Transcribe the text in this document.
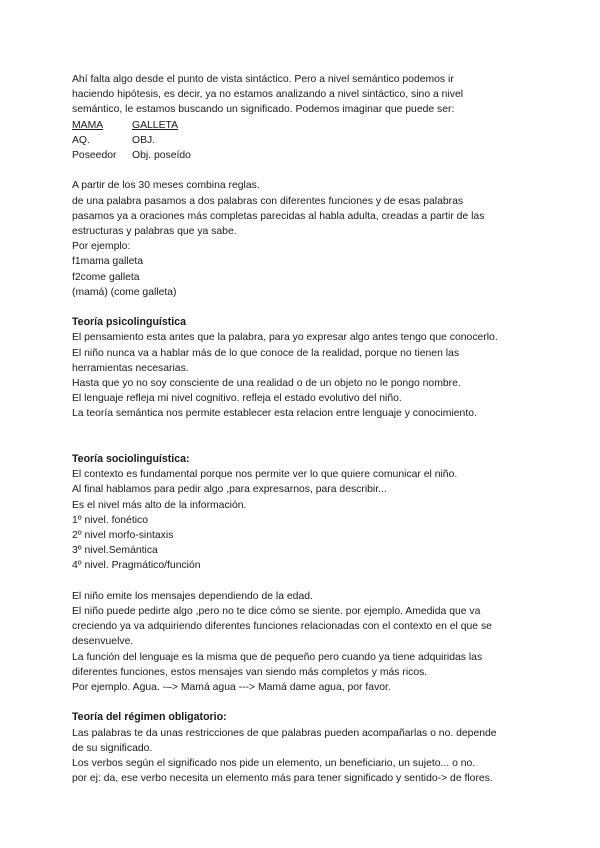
Ahí falta algo desde el punto de vista sintáctico. Pero a nivel semántico podemos ir
haciendo hipótesis, es decir, ya no estamos analizando a nivel sintáctico, sino a nivel
semántico, le estamos buscando un significado. Podemos imaginar que puede ser:
MAMA	GALLETA
AQ.	OBJ.
Poseedor	Obj. poseído
A partir de los 30 meses combina reglas.
de una palabra pasamos a dos palabras con diferentes funciones y de esas palabras
pasamos ya a oraciones más completas parecidas al habla adulta, creadas a partir de las
estructuras y palabras que ya sabe.
Por ejemplo:
f1mama galleta
f2come galleta
(mamá) (come galleta)
Teoría psicolinguística
El pensamiento esta antes que la palabra, para yo expresar algo antes tengo que conocerlo.
El niño nunca va a hablar más de lo que conoce de la realidad, porque no tienen las
herramientas necesarias.
Hasta que yo no soy consciente de una realidad o de un objeto no le pongo nombre.
El lenguaje refleja mi nivel cognitivo. refleja el estado evolutivo del niño.
La teoría semántica nos permite establecer esta relacion entre lenguaje y conocimiento.
Teoría sociolinguística:
El contexto es fundamental porque nos permite ver lo que quiere comunicar el niño.
Al final hablamos para pedir algo ,para expresarnos, para describir...
Es el nivel más alto de la información.
1º nivel. fonético
2º nivel morfo-sintaxis
3º nivel.Semántica
4º nivel. Pragmático/función
El niño emite los mensajes dependiendo de la edad.
El niño puede pedirte algo ,pero no te dice cómo se siente. por ejemplo. Amedida que va
creciendo ya va adquiriendo diferentes funciones relacionadas con el contexto en el que se
desenvuelve.
La función del lenguaje es la misma que de pequeño pero cuando ya tiene adquiridas las
diferentes funciones, estos mensajes van siendo más completos y más ricos.
Por ejemplo. Agua. -–> Mamá agua ---> Mamá dame agua, por favor.
Teoría del régimen obligatorio:
Las palabras te da unas restricciones de que palabras pueden acompañarlas o no. depende
de su significado.
Los verbos según el significado nos pide un elemento, un beneficiario, un sujeto... o no.
por ej: da, ese verbo necesita un elemento más para tener significado y sentido-> de flores.
